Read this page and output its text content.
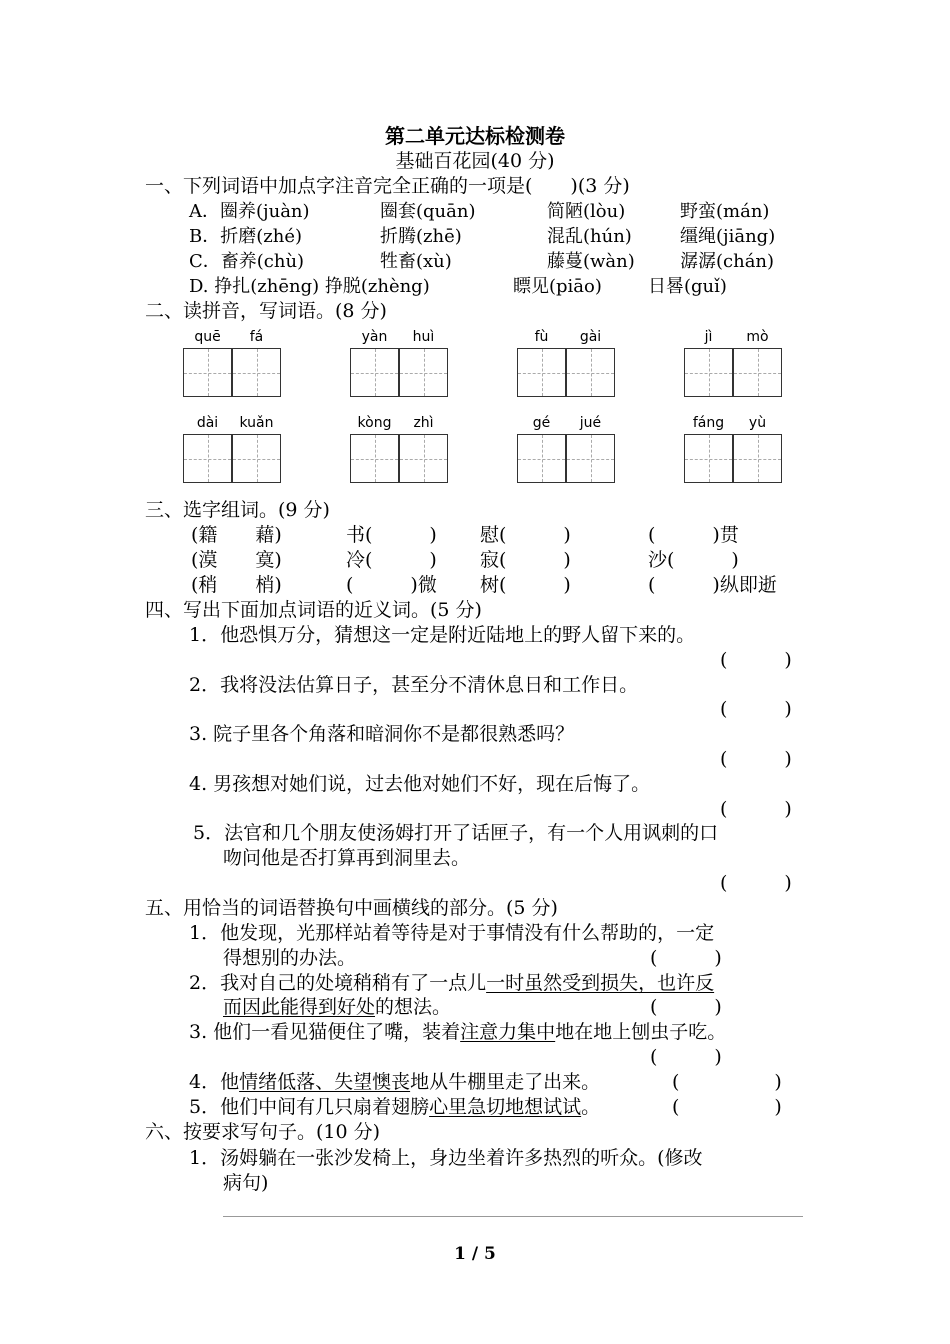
第二单元达标检测卷
基础百花园(40 分)
一、下列词语中加点字注音完全正确的一项是(　　)(3 分)
A．圈养(juàn)	圈套(quān)	简陋(lòu)	野蛮(mán)
B．折磨(zhé)	折腾(zhē)	混乱(hún)	缰绳(jiāng)
C．畜养(chù)	牲畜(xù)	藤蔓(wàn)	潺潺(chán)
D. 挣扎(zhēng) 挣脱(zhèng)	瞟见(piāo)	日晷(guǐ)
二、读拼音，写词语。(8 分)
quē	fá	yàn	huì	fù	gài	jì	mò
dài	kuǎn	kòng	zhì	gé	jué	fáng	yù
三、选字组词。(9 分)
(籍　　藉)	书(　　　) 慰(　　　)	(　　　)贯
(漠　　寞)	冷(　　　) 寂(　　　)	沙(　　　)
(稍　　梢)	(　　　)微 树(　　　)	(　　　)纵即逝
四、写出下面加点词语的近义词。(5 分)
1．他恐惧万分，猜想这一定是附近陆地上的野人留下来的。
(　　　)
2．我将没法估算日子，甚至分不清休息日和工作日。
(　　　)
3. 院子里各个角落和暗洞你不是都很熟悉吗？
(　　　)
4. 男孩想对她们说，过去他对她们不好，现在后悔了。
(　　　)
5．法官和几个朋友使汤姆打开了话匣子，有一个人用讽刺的口
吻问他是否打算再到洞里去。
(　　　)
五、用恰当的词语替换句中画横线的部分。(5 分)
1．他发现，光那样站着等待是对于事情没有什么帮助的，一定
得想别的办法。	(　　　)
2．我对自己的处境稍稍有了一点儿一时虽然受到损失，也许反
而因此能得到好处的想法。	(　　　)
3. 他们一看见猫便住了嘴，装着注意力集中地在地上刨虫子吃。
(　　　)
4．他情绪低落、失望懊丧地从牛棚里走了出来。	(　　　　　)
5．他们中间有几只扇着翅膀心里急切地想试试。	(　　　　　)
六、按要求写句子。(10 分)
1．汤姆躺在一张沙发椅上，身边坐着许多热烈的听众。(修改
病句)
1 / 5
